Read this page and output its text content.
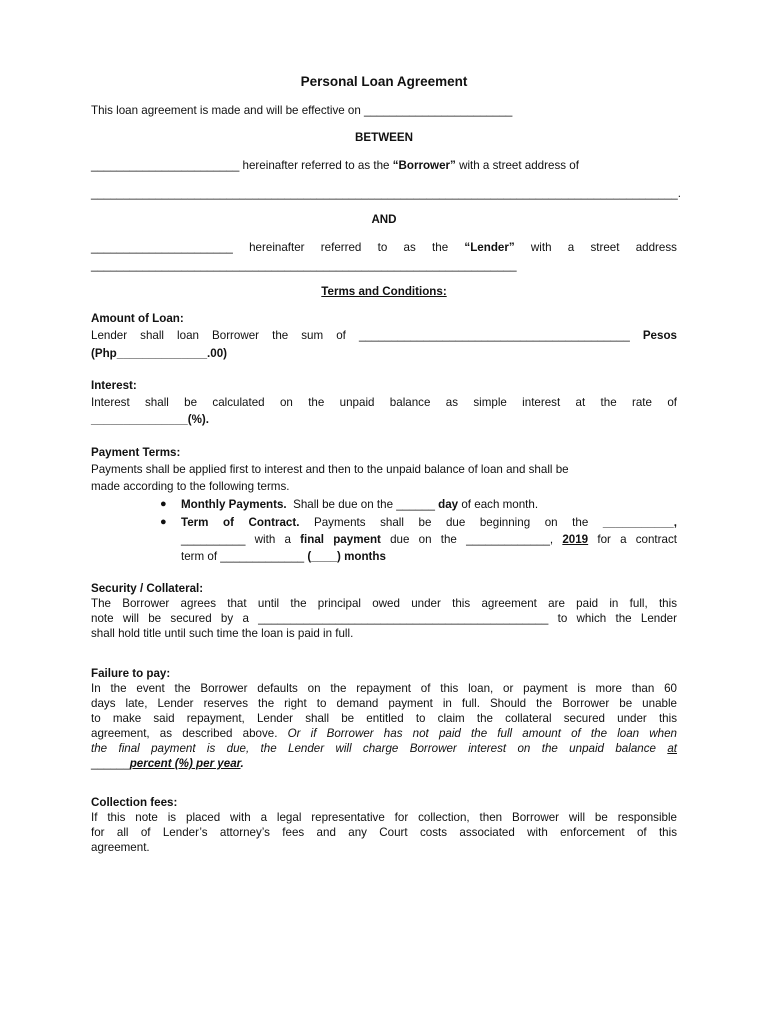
Personal Loan Agreement
This loan agreement is made and will be effective on _______________________
BETWEEN
_______________________ hereinafter referred to as the “Borrower” with a street address of
___________________________________________________________________________________________.
AND
______________________ hereinafter referred to as the “Lender” with a street address
__________________________________________________________________
Terms and Conditions:
Amount of Loan:
Lender shall loan Borrower the sum of __________________________________________ Pesos
(Php______________.00)
Interest:
Interest shall be calculated on the unpaid balance as simple interest at the rate of
_______________(%).
Payment Terms:
Payments shall be applied first to interest and then to the unpaid balance of loan and shall be
made according to the following terms.
● Monthly Payments.  Shall be due on the ______ day of each month.
● Term of Contract. Payments shall be due beginning on the ___________,
__________ with a final payment due on the _____________, 2019 for a contract
term of _____________ (____) months
Security / Collateral:
The Borrower agrees that until the principal owed under this agreement are paid in full, this
note will be secured by a _____________________________________________ to which the Lender
shall hold title until such time the loan is paid in full.
Failure to pay:
In the event the Borrower defaults on the repayment of this loan, or payment is more than 60
days late, Lender reserves the right to demand payment in full. Should the Borrower be unable
to make said repayment, Lender shall be entitled to claim the collateral secured under this
agreement, as described above. Or if Borrower has not paid the full amount of the loan when
the final payment is due, the Lender will charge Borrower interest on the unpaid balance at
______percent (%) per year.
Collection fees:
If this note is placed with a legal representative for collection, then Borrower will be responsible
for all of Lender’s attorney’s fees and any Court costs associated with enforcement of this
agreement.
